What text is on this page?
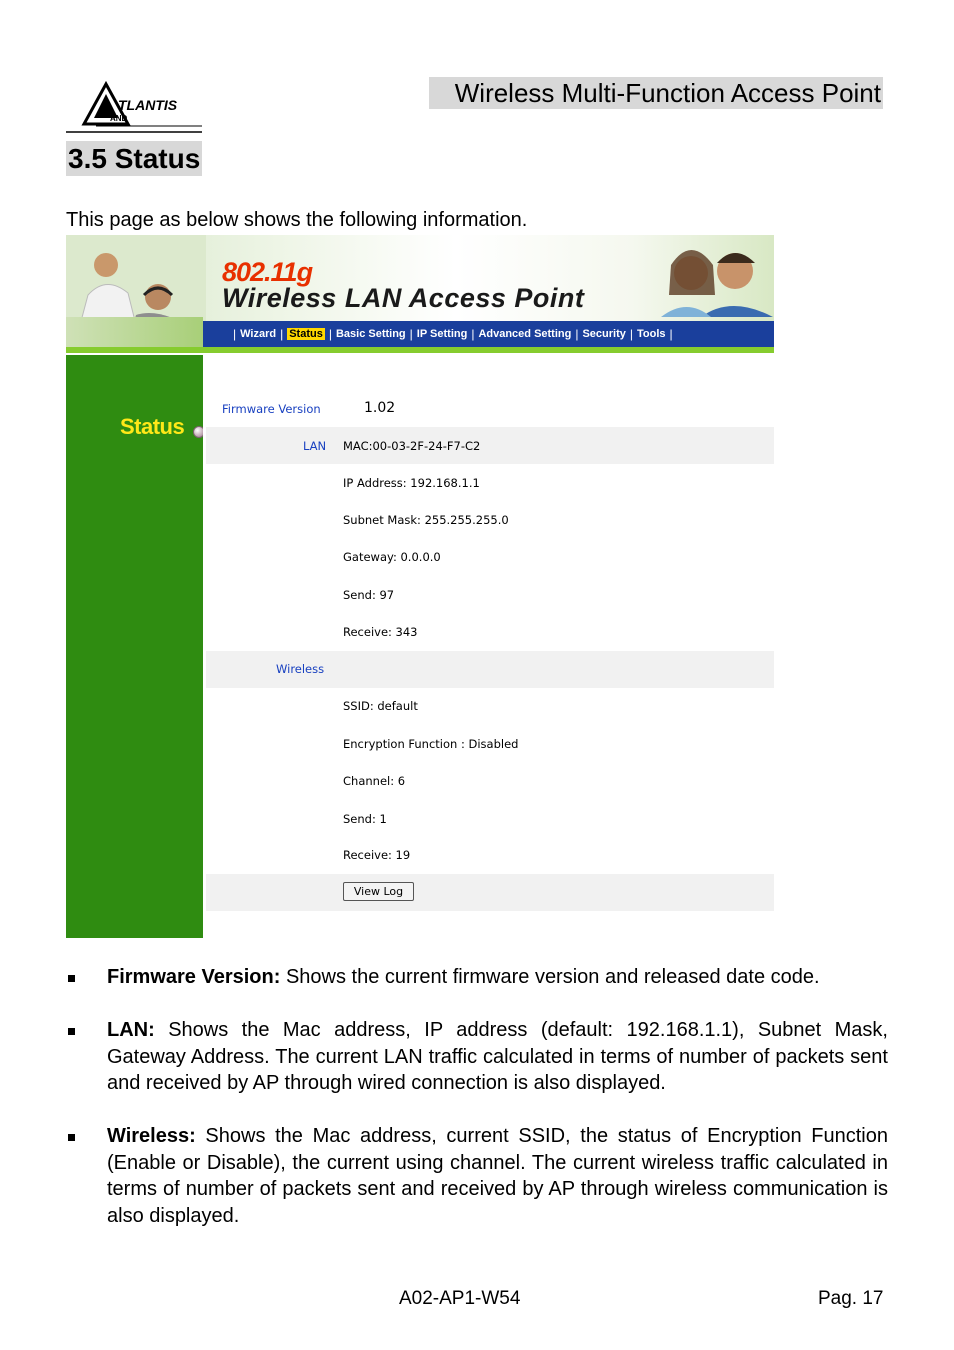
TLANTIS
AND
Wireless Multi-Function Access Point
3.5 Status
This page as below shows the following information.
802.11g
Wireless LAN Access Point
| Wizard | Status | Basic Setting | IP Setting | Advanced Setting | Security | Tools |
Status
Firmware Version	1.02
LAN MAC:00-03-2F-24-F7-C2
IP Address: 192.168.1.1
Subnet Mask: 255.255.255.0
Gateway: 0.0.0.0
Send: 97
Receive: 343
Wireless
SSID: default
Encryption Function : Disabled
Channel: 6
Send: 1
Receive: 19
View Log
Firmware Version: Shows the current firmware version and released date code.
LAN: Shows the Mac address, IP address (default: 192.168.1.1), Subnet Mask, Gateway Address. The current LAN traffic calculated in terms of number of packets sent and received by AP through wired connection is also displayed.
Wireless: Shows the Mac address, current SSID, the status of Encryption Function (Enable or Disable), the current using channel. The current wireless traffic calculated in terms of number of packets sent and received by AP through wireless communication is also displayed.
A02-AP1-W54	Pag. 17
